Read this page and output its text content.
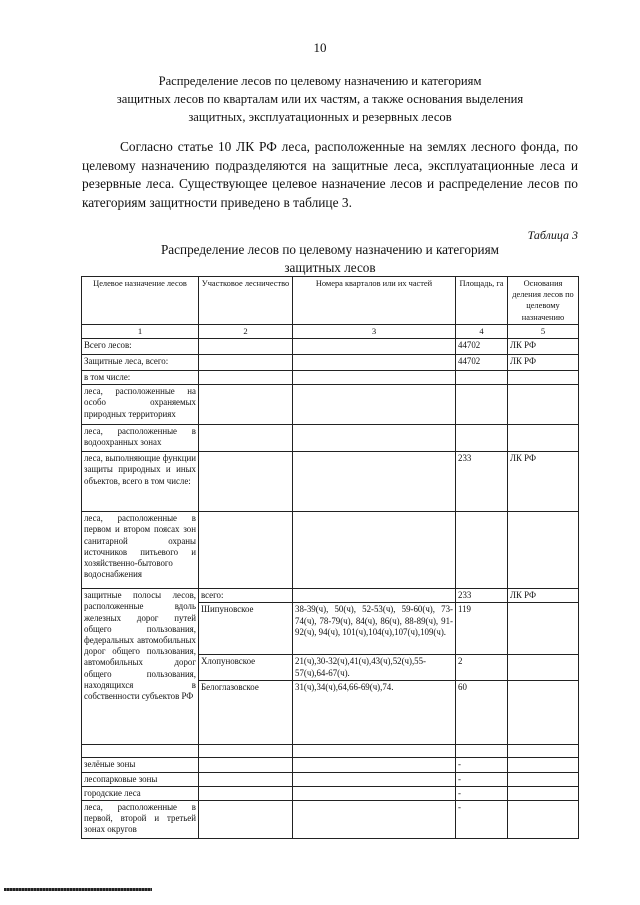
10
Распределение лесов по целевому назначению и категориям
защитных лесов по кварталам или их частям, а также основания выделения
защитных, эксплуатационных и резервных лесов

Согласно статье 10 ЛК РФ леса, расположенные на землях лесного фонда, по целевому назначению подразделяются на защитные леса, эксплуатационные леса и резервные леса. Существующее целевое назначение лесов и распределение лесов по категориям защитности приведено в таблице 3.

Таблица 3
Распределение лесов по целевому назначению и категориям
защитных лесов
Целевое назначение лесов	Участковое лесничество	Номера кварталов или их частей	Площадь, га	Основания деления лесов по целевому назначению
1	2	3	4	5
Всего лесов:			44702	ЛК РФ
Защитные леса, всего:			44702	ЛК РФ
в том числе:				
леса, расположенные на особо охраняемых природных территориях				
леса, расположенные в водоохранных зонах				
леса, выполняющие функции защиты природных и иных объектов, всего в том числе:			233	ЛК РФ
леса, расположенные в первом и втором поясах зон санитарной охраны источников питьевого и хозяйственно-бытового водоснабжения				
защитные полосы лесов, расположенные вдоль железных дорог путей общего пользования, федеральных автомобильных дорог общего пользования, автомобильных дорог общего пользования, находящихся в собственности субъектов РФ	всего:		233	ЛК РФ
	Шипуновское	38-39(ч), 50(ч), 52-53(ч), 59-60(ч), 73-74(ч), 78-79(ч), 84(ч), 86(ч), 88-89(ч), 91-92(ч), 94(ч), 101(ч),104(ч),107(ч),109(ч).	119	
	Хлопуновское	21(ч),30-32(ч),41(ч),43(ч),52(ч),55-57(ч),64-67(ч).	2	
	Белоглазовское	31(ч),34(ч),64,66-69(ч),74.	60	

зелёные зоны			-	
лесопарковые зоны			-	
городские леса			-	
леса, расположенные в первой, второй и третьей зонах округов			-	
